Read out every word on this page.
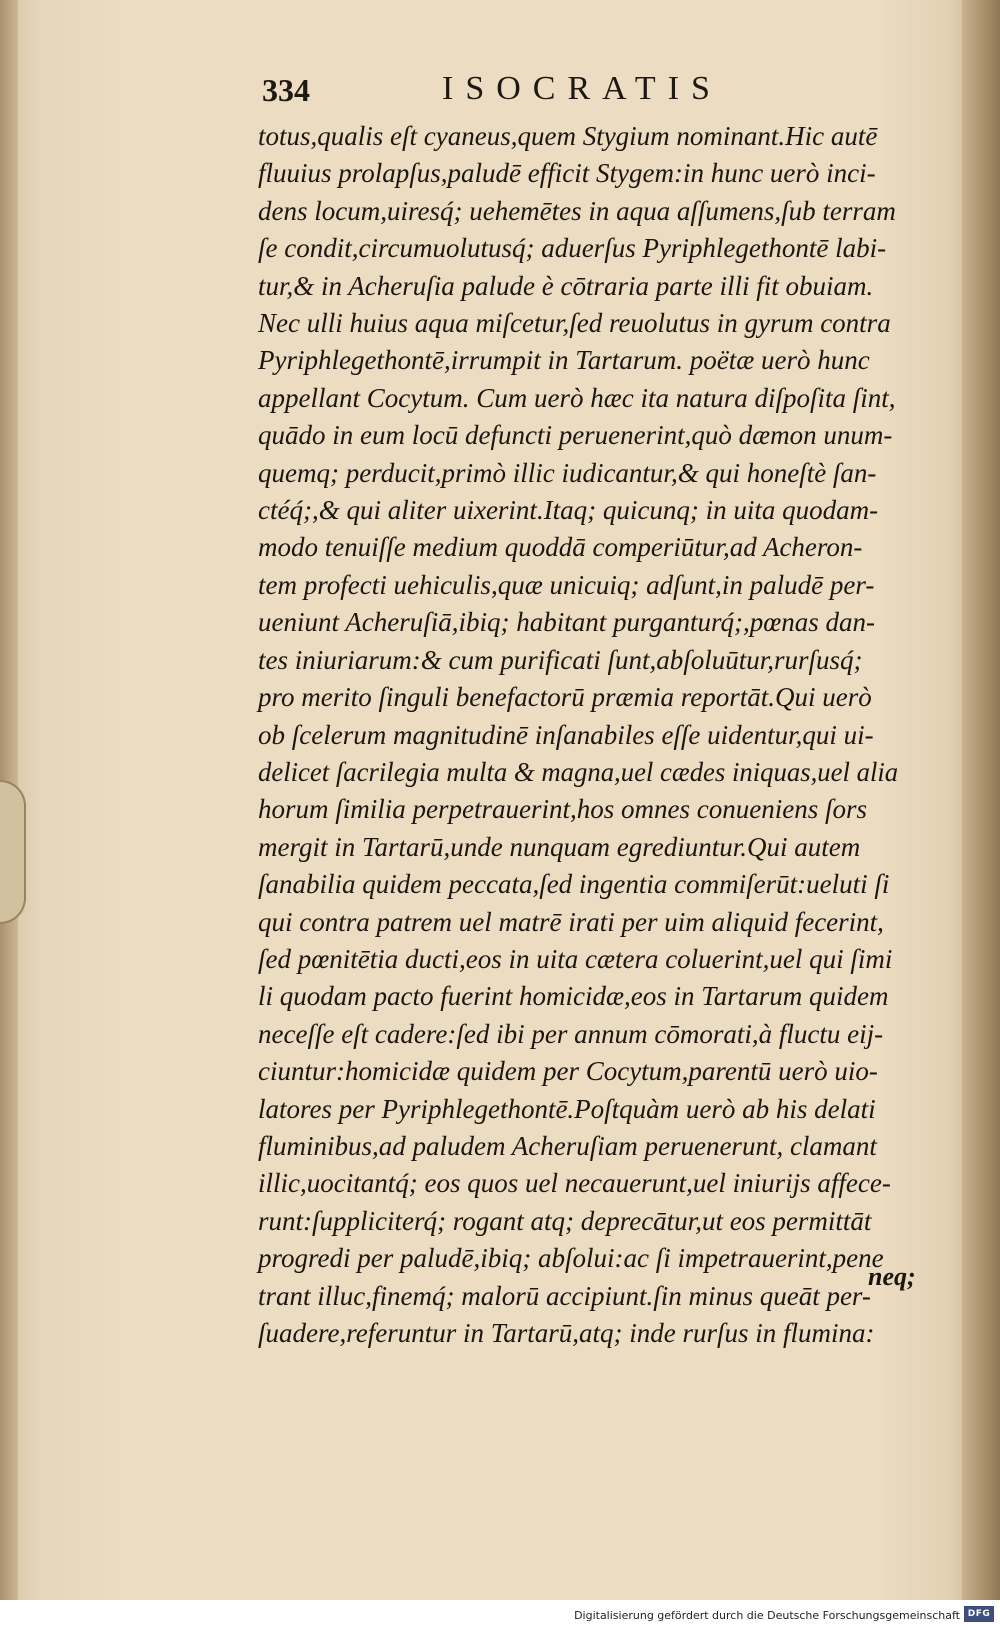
334	ISOCRATIS
totus,qualis eſt cyaneus,quem Stygium nominant.Hic autē
fluuius prolapſus,paludē efficit Stygem:in hunc uerò inci-
dens locum,uiresq́; uehemētes in aqua aſſumens,ſub terram
ſe condit,circumuolutusq́; aduerſus Pyriphlegethontē labi-
tur,& in Acheruſia palude è cōtraria parte illi fit obuiam.
Nec ulli huius aqua miſcetur,ſed reuolutus in gyrum contra
Pyriphlegethontē,irrumpit in Tartarum. poëtæ uerò hunc
appellant Cocytum. Cum uerò hæc ita natura diſpoſita ſint,
quādo in eum locū defuncti peruenerint,quò dæmon unum-
quemq; perducit,primò illic iudicantur,& qui honeſtè ſan-
ctéq́;,& qui aliter uixerint.Itaq; quicunq; in uita quodam-
modo tenuiſſe medium quoddā comperiūtur,ad Acheron-
tem profecti uehiculis,quæ unicuiq; adſunt,in paludē per-
ueniunt Acheruſiā,ibiq; habitant purganturq́;,pœnas dan-
tes iniuriarum:& cum purificati ſunt,abſoluūtur,rurſusq́;
pro merito ſinguli benefactorū præmia reportāt.Qui uerò
ob ſcelerum magnitudinē inſanabiles eſſe uidentur,qui ui-
delicet ſacrilegia multa & magna,uel cædes iniquas,uel alia
horum ſimilia perpetrauerint,hos omnes conueniens ſors
mergit in Tartarū,unde nunquam egrediuntur.Qui autem
ſanabilia quidem peccata,ſed ingentia commiſerūt:ueluti ſi
qui contra patrem uel matrē irati per uim aliquid fecerint,
ſed pœnitētia ducti,eos in uita cætera coluerint,uel qui ſimi
li quodam pacto fuerint homicidæ,eos in Tartarum quidem
neceſſe eſt cadere:ſed ibi per annum cōmorati,à fluctu eij-
ciuntur:homicidæ quidem per Cocytum,parentū uerò uio-
latores per Pyriphlegethontē.Poſtquàm uerò ab his delati
fluminibus,ad paludem Acheruſiam peruenerunt, clamant
illic,uocitantq́; eos quos uel necauerunt,uel iniurijs affece-
runt:ſuppliciterq́; rogant atq; deprecātur,ut eos permittāt
progredi per paludē,ibiq; abſolui:ac ſi impetrauerint,pene
trant illuc,finemq́; malorū accipiunt.ſin minus queāt per-
ſuadere,referuntur in Tartarū,atq; inde rurſus in flumina:
neq;
Digitalisierung gefördert durch die Deutsche Forschungsgemeinschaft DFG
